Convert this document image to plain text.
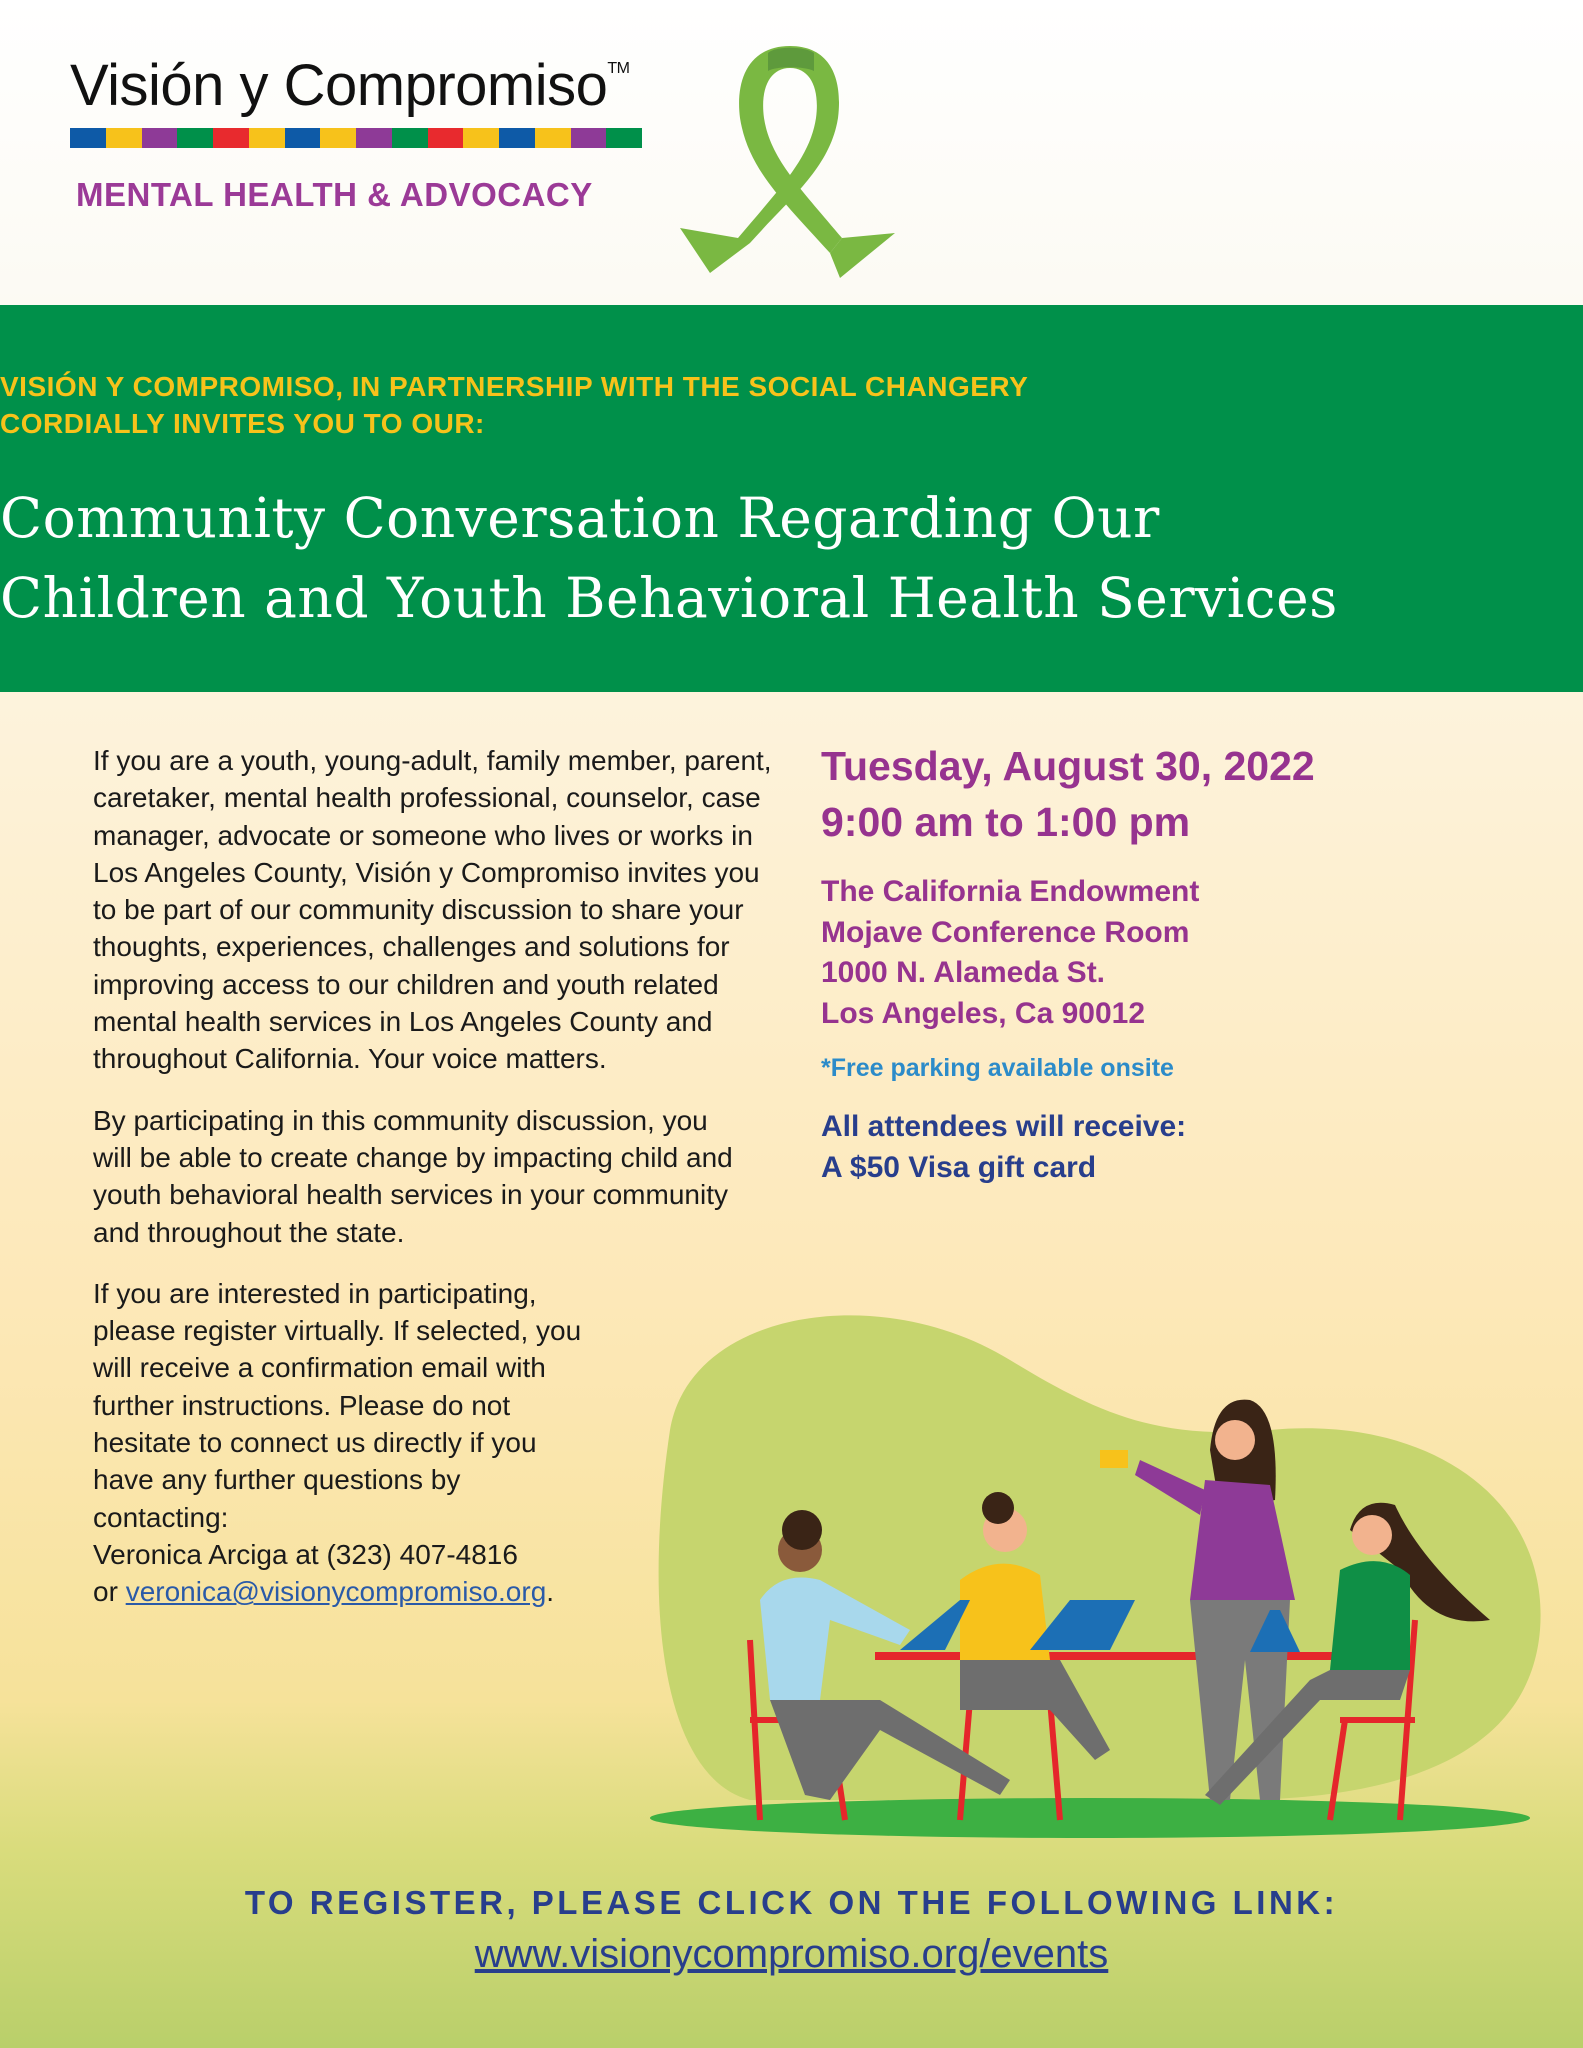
Visión y Compromiso™
MENTAL HEALTH & ADVOCACY
VISIÓN Y COMPROMISO, IN PARTNERSHIP WITH THE SOCIAL CHANGERY
CORDIALLY INVITES YOU TO OUR:
Community Conversation Regarding Our
Children and Youth Behavioral Health Services

If you are a youth, young-adult, family member, parent, caretaker, mental health professional, counselor, case manager, advocate or someone who lives or works in Los Angeles County, Visión y Compromiso invites you to be part of our community discussion to share your thoughts, experiences, challenges and solutions for improving access to our children and youth related mental health services in Los Angeles County and throughout California. Your voice matters.

By participating in this community discussion, you will be able to create change by impacting child and youth behavioral health services in your community and throughout the state.

If you are interested in participating, please register virtually. If selected, you will receive a confirmation email with further instructions. Please do not hesitate to connect us directly if you have any further questions by contacting:
Veronica Arciga at (323) 407-4816
or veronica@visionycompromiso.org.

Tuesday, August 30, 2022
9:00 am to 1:00 pm
The California Endowment
Mojave Conference Room
1000 N. Alameda St.
Los Angeles, Ca 90012
*Free parking available onsite
All attendees will receive:
A $50 Visa gift card
TO REGISTER, PLEASE CLICK ON THE FOLLOWING LINK:
www.visionycompromiso.org/events
